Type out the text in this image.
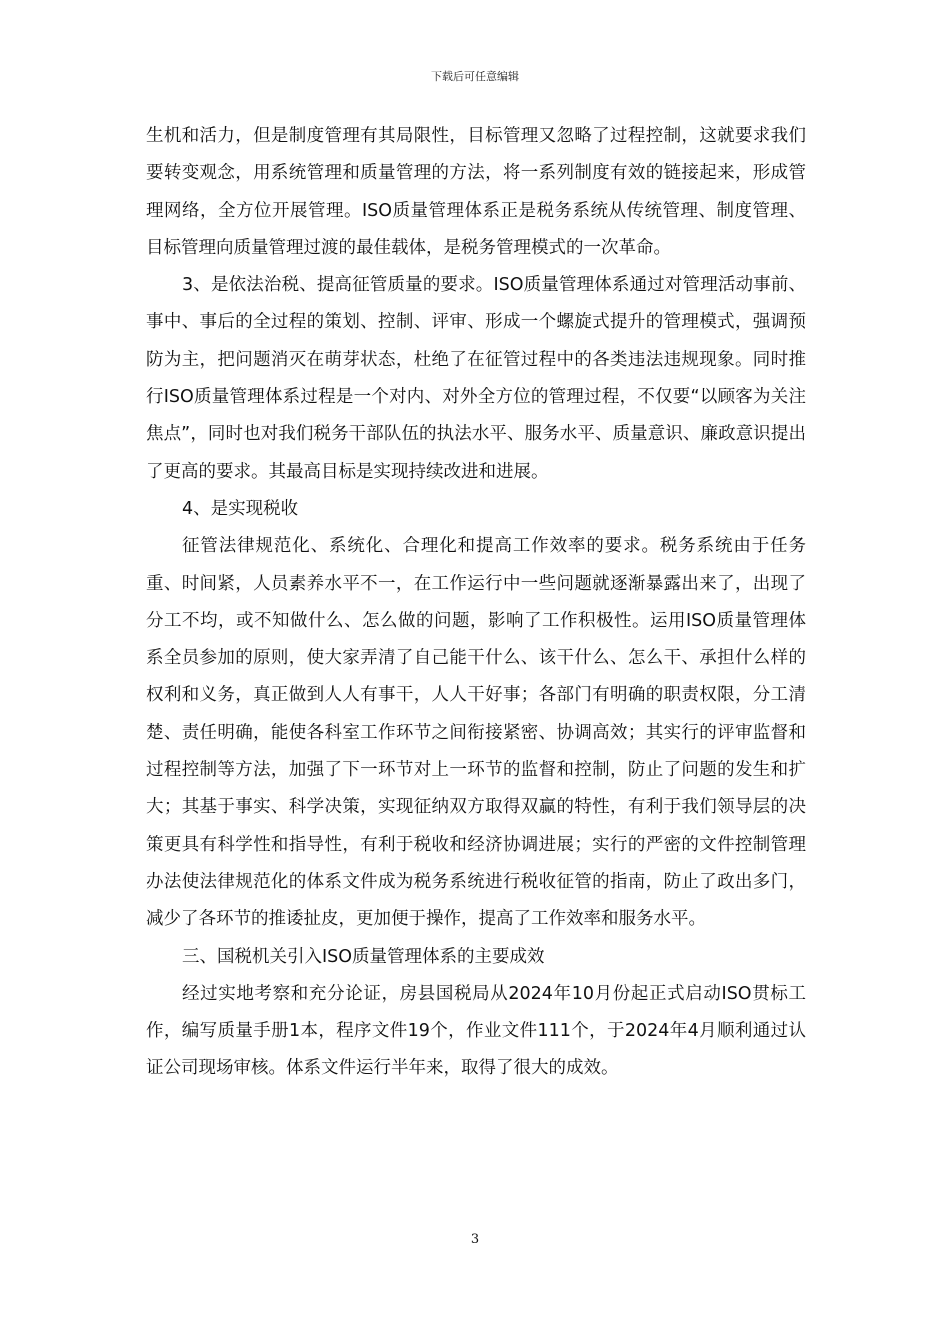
下载后可任意编辑

生机和活力，但是制度管理有其局限性，目标管理又忽略了过程控制，这就要求我们要转变观念，用系统管理和质量管理的方法，将一系列制度有效的链接起来，形成管理网络，全方位开展管理。ISO质量管理体系正是税务系统从传统管理、制度管理、目标管理向质量管理过渡的最佳载体，是税务管理模式的一次革命。

3、是依法治税、提高征管质量的要求。ISO质量管理体系通过对管理活动事前、事中、事后的全过程的策划、控制、评审、形成一个螺旋式提升的管理模式，强调预防为主，把问题消灭在萌芽状态，杜绝了在征管过程中的各类违法违规现象。同时推行ISO质量管理体系过程是一个对内、对外全方位的管理过程，不仅要“以顾客为关注焦点”，同时也对我们税务干部队伍的执法水平、服务水平、质量意识、廉政意识提出了更高的要求。其最高目标是实现持续改进和进展。

4、是实现税收

征管法律规范化、系统化、合理化和提高工作效率的要求。税务系统由于任务重、时间紧，人员素养水平不一，在工作运行中一些问题就逐渐暴露出来了，出现了分工不均，或不知做什么、怎么做的问题，影响了工作积极性。运用ISO质量管理体系全员参加的原则，使大家弄清了自己能干什么、该干什么、怎么干、承担什么样的权利和义务，真正做到人人有事干，人人干好事；各部门有明确的职责权限，分工清楚、责任明确，能使各科室工作环节之间衔接紧密、协调高效；其实行的评审监督和过程控制等方法，加强了下一环节对上一环节的监督和控制，防止了问题的发生和扩大；其基于事实、科学决策，实现征纳双方取得双赢的特性，有利于我们领导层的决策更具有科学性和指导性，有利于税收和经济协调进展；实行的严密的文件控制管理办法使法律规范化的体系文件成为税务系统进行税收征管的指南，防止了政出多门，减少了各环节的推诿扯皮，更加便于操作，提高了工作效率和服务水平。

三、国税机关引入ISO质量管理体系的主要成效

经过实地考察和充分论证，房县国税局从2024年10月份起正式启动ISO贯标工作，编写质量手册1本，程序文件19个，作业文件111个，于2024年4月顺利通过认证公司现场审核。体系文件运行半年来，取得了很大的成效。

3
